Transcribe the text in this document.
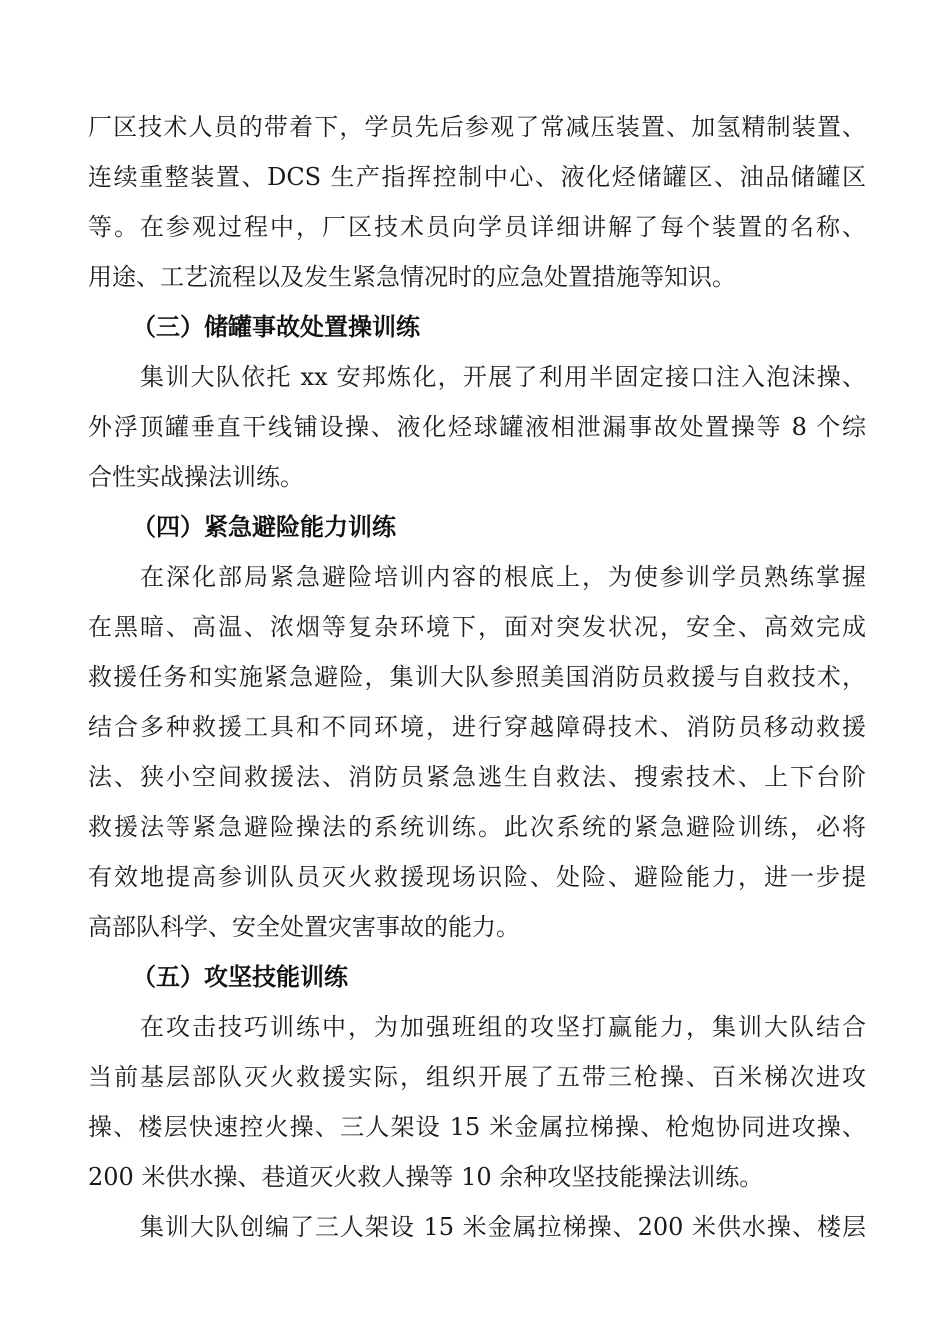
厂区技术人员的带着下，学员先后参观了常减压装置、加氢精制装置、
连续重整装置、DCS 生产指挥控制中心、液化烃储罐区、油品储罐区
等。在参观过程中，厂区技术员向学员详细讲解了每个装置的名称、
用途、工艺流程以及发生紧急情况时的应急处置措施等知识。
（三）储罐事故处置操训练
集训大队依托 xx 安邦炼化，开展了利用半固定接口注入泡沫操、
外浮顶罐垂直干线铺设操、液化烃球罐液相泄漏事故处置操等 8 个综
合性实战操法训练。
（四）紧急避险能力训练
在深化部局紧急避险培训内容的根底上，为使参训学员熟练掌握
在黑暗、高温、浓烟等复杂环境下，面对突发状况，安全、高效完成
救援任务和实施紧急避险，集训大队参照美国消防员救援与自救技术，
结合多种救援工具和不同环境，进行穿越障碍技术、消防员移动救援
法、狭小空间救援法、消防员紧急逃生自救法、搜索技术、上下台阶
救援法等紧急避险操法的系统训练。此次系统的紧急避险训练，必将
有效地提高参训队员灭火救援现场识险、处险、避险能力，进一步提
高部队科学、安全处置灾害事故的能力。
（五）攻坚技能训练
在攻击技巧训练中，为加强班组的攻坚打赢能力，集训大队结合
当前基层部队灭火救援实际，组织开展了五带三枪操、百米梯次进攻
操、楼层快速控火操、三人架设 15 米金属拉梯操、枪炮协同进攻操、
200 米供水操、巷道灭火救人操等 10 余种攻坚技能操法训练。
集训大队创编了三人架设 15 米金属拉梯操、200 米供水操、楼层
